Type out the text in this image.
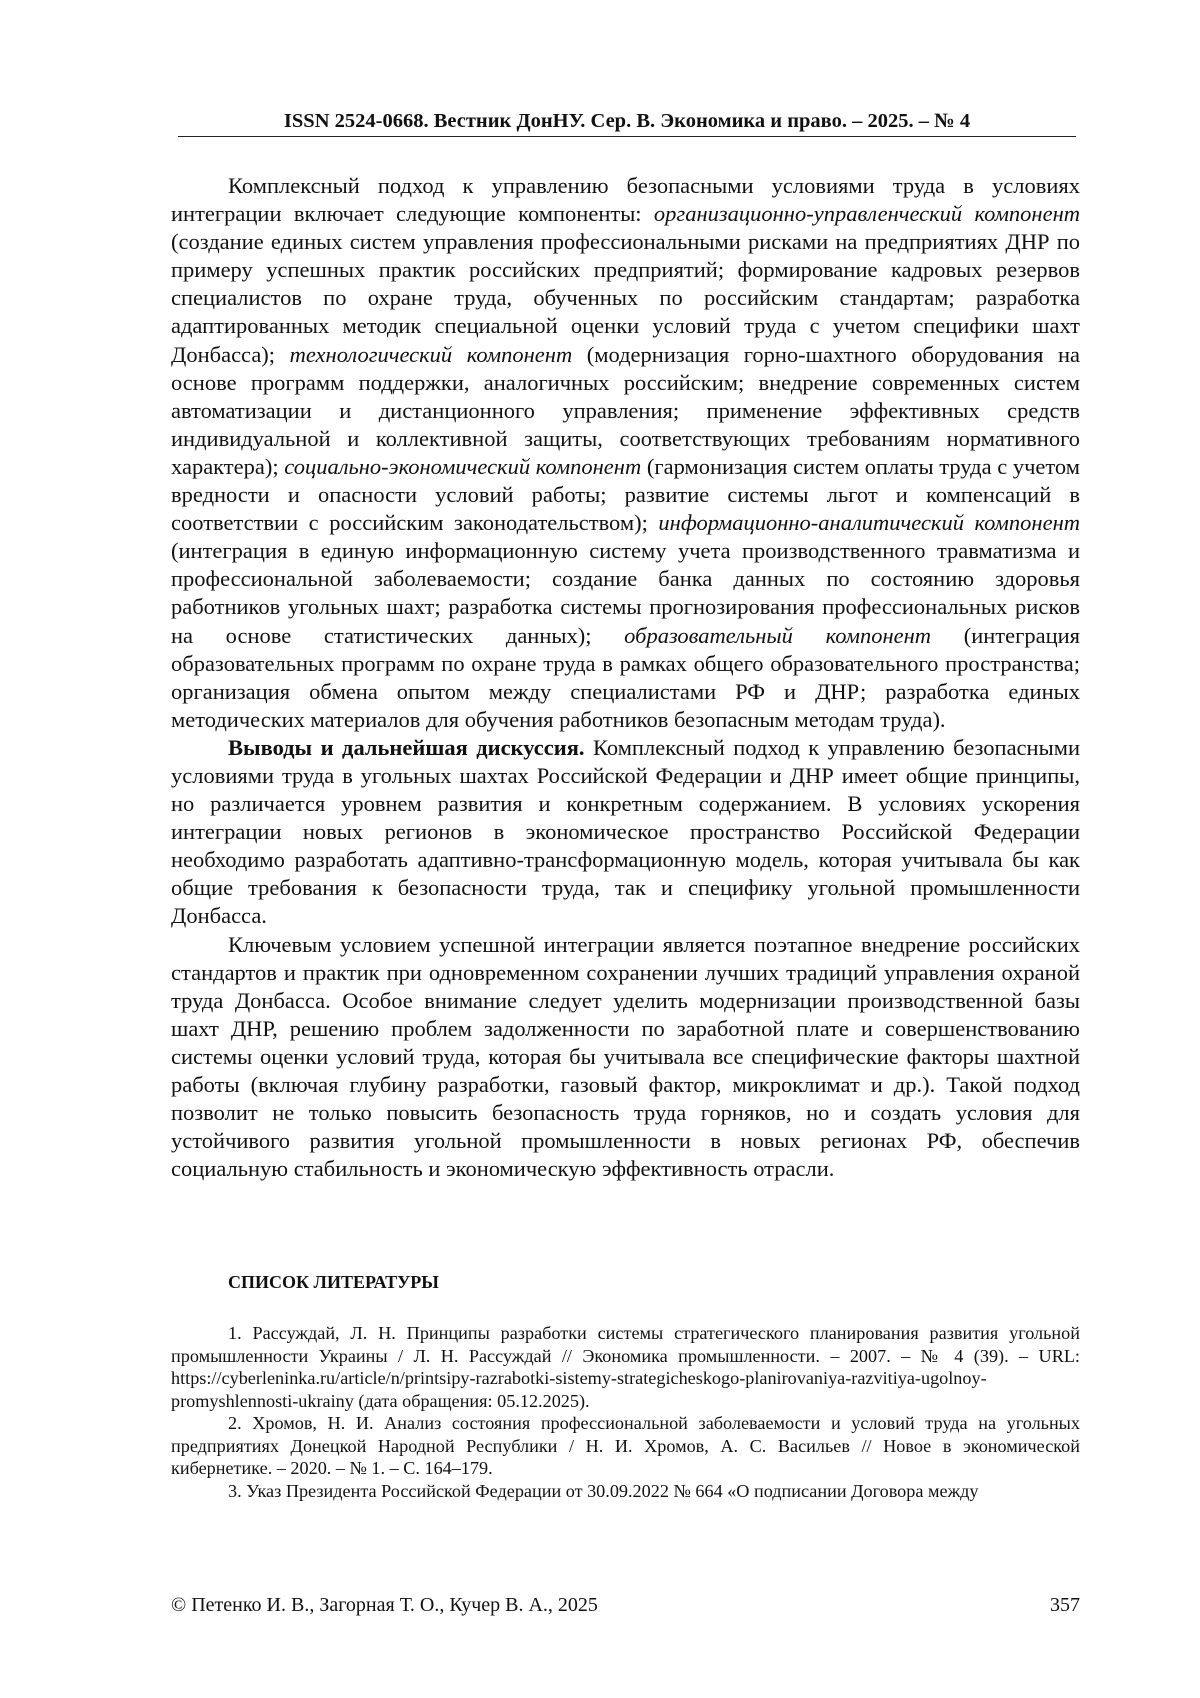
ISSN 2524-0668. Вестник ДонНУ. Сер. В. Экономика и право. – 2025. – № 4

Комплексный подход к управлению безопасными условиями труда в условиях интеграции включает следующие компоненты: организационно-управленческий компонент (создание единых систем управления профессиональными рисками на предприятиях ДНР по примеру успешных практик российских предприятий; формирование кадровых резервов специалистов по охране труда, обученных по российским стандартам; разработка адаптированных методик специальной оценки условий труда с учетом специфики шахт Донбасса); технологический компонент (модернизация горно-шахтного оборудования на основе программ поддержки, аналогичных российским; внедрение современных систем автоматизации и дистанционного управления; применение эффективных средств индивидуальной и коллективной защиты, соответствующих требованиям нормативного характера); социально-экономический компонент (гармонизация систем оплаты труда с учетом вредности и опасности условий работы; развитие системы льгот и компенсаций в соответствии с российским законодательством); информационно-аналитический компонент (интеграция в единую информационную систему учета производственного травматизма и профессиональной заболеваемости; создание банка данных по состоянию здоровья работников угольных шахт; разработка системы прогнозирования профессиональных рисков на основе статистических данных); образовательный компонент (интеграция образовательных программ по охране труда в рамках общего образовательного пространства; организация обмена опытом между специалистами РФ и ДНР; разработка единых методических материалов для обучения работников безопасным методам труда).

Выводы и дальнейшая дискуссия. Комплексный подход к управлению безопасными условиями труда в угольных шахтах Российской Федерации и ДНР имеет общие принципы, но различается уровнем развития и конкретным содержанием. В условиях ускорения интеграции новых регионов в экономическое пространство Российской Федерации необходимо разработать адаптивно-трансформационную модель, которая учитывала бы как общие требования к безопасности труда, так и специфику угольной промышленности Донбасса.

Ключевым условием успешной интеграции является поэтапное внедрение российских стандартов и практик при одновременном сохранении лучших традиций управления охраной труда Донбасса. Особое внимание следует уделить модернизации производственной базы шахт ДНР, решению проблем задолженности по заработной плате и совершенствованию системы оценки условий труда, которая бы учитывала все специфические факторы шахтной работы (включая глубину разработки, газовый фактор, микроклимат и др.). Такой подход позволит не только повысить безопасность труда горняков, но и создать условия для устойчивого развития угольной промышленности в новых регионах РФ, обеспечив социальную стабильность и экономическую эффективность отрасли.

СПИСОК ЛИТЕРАТУРЫ

1. Рассуждай, Л. Н. Принципы разработки системы стратегического планирования развития угольной промышленности Украины / Л. Н. Рассуждай // Экономика промышленности. – 2007. – № 4 (39). – URL: https://cyberleninka.ru/article/n/printsipy-razrabotki-sistemy-strategicheskogo-planirovaniya-razvitiya-ugolnoy-promyshlennosti-ukrainy (дата обращения: 05.12.2025).

2. Хромов, Н. И. Анализ состояния профессиональной заболеваемости и условий труда на угольных предприятиях Донецкой Народной Республики / Н. И. Хромов, А. С. Васильев // Новое в экономической кибернетике. – 2020. – № 1. – С. 164–179.

3. Указ Президента Российской Федерации от 30.09.2022 № 664 «О подписании Договора между

© Петенко И. В., Загорная Т. О., Кучер В. А., 2025	357
